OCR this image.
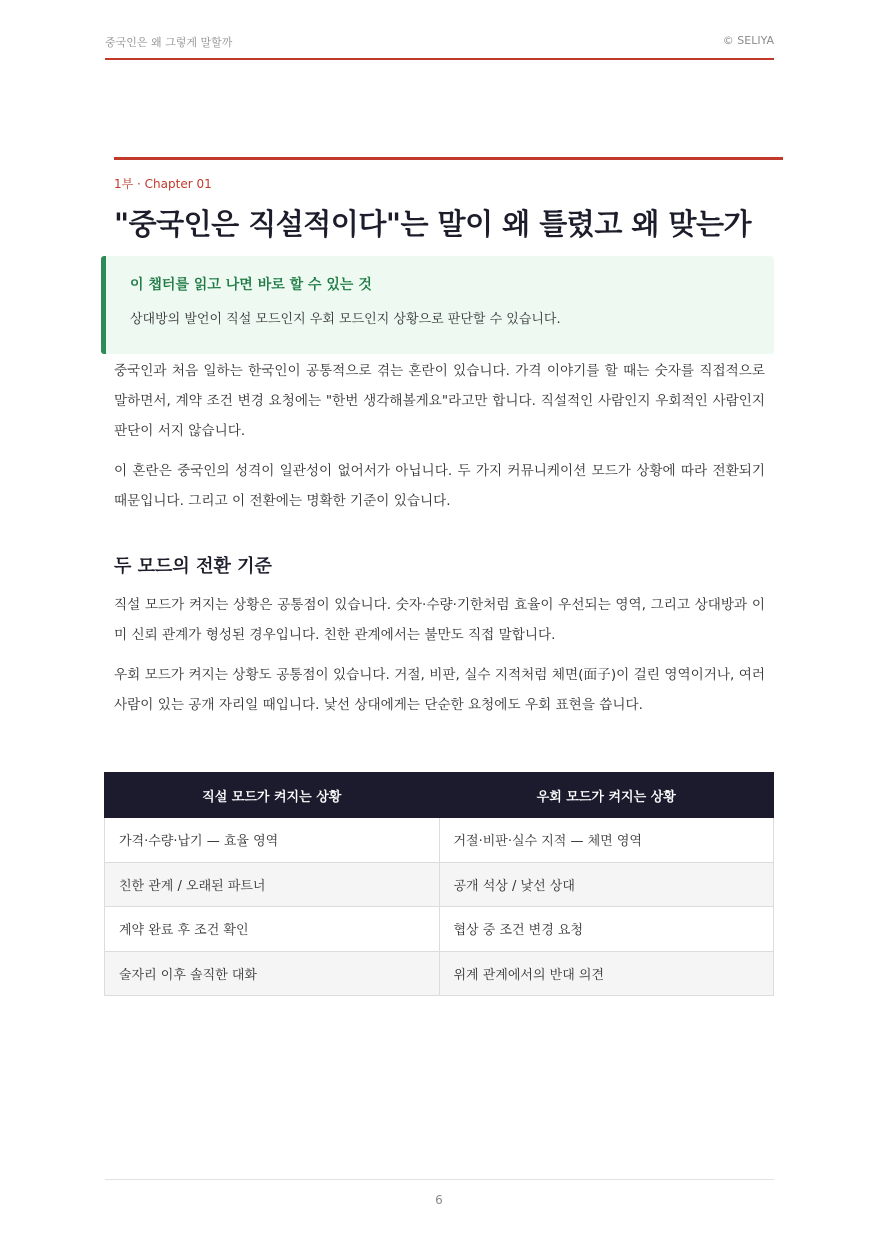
중국인은 왜 그렇게 말할까	© SELIYA
1부 · Chapter 01
"중국인은 직설적이다"는 말이 왜 틀렸고 왜 맞는가
이 챕터를 읽고 나면 바로 할 수 있는 것
상대방의 발언이 직설 모드인지 우회 모드인지 상황으로 판단할 수 있습니다.

중국인과 처음 일하는 한국인이 공통적으로 겪는 혼란이 있습니다. 가격 이야기를 할 때는 숫자를 직접적으로 말하면서, 계약 조건 변경 요청에는 "한번 생각해볼게요"라고만 합니다. 직설적인 사람인지 우회적인 사람인지 판단이 서지 않습니다.

이 혼란은 중국인의 성격이 일관성이 없어서가 아닙니다. 두 가지 커뮤니케이션 모드가 상황에 따라 전환되기 때문입니다. 그리고 이 전환에는 명확한 기준이 있습니다.

두 모드의 전환 기준

직설 모드가 켜지는 상황은 공통점이 있습니다. 숫자·수량·기한처럼 효율이 우선되는 영역, 그리고 상대방과 이미 신뢰 관계가 형성된 경우입니다. 친한 관계에서는 불만도 직접 말합니다.

우회 모드가 켜지는 상황도 공통점이 있습니다. 거절, 비판, 실수 지적처럼 체면(面子)이 걸린 영역이거나, 여러 사람이 있는 공개 자리일 때입니다. 낯선 상대에게는 단순한 요청에도 우회 표현을 씁니다.

직설 모드가 켜지는 상황	우회 모드가 켜지는 상황
가격·수량·납기 — 효율 영역	거절·비판·실수 지적 — 체면 영역
친한 관계 / 오래된 파트너	공개 석상 / 낯선 상대
계약 완료 후 조건 확인	협상 중 조건 변경 요청
술자리 이후 솔직한 대화	위계 관계에서의 반대 의견
6
